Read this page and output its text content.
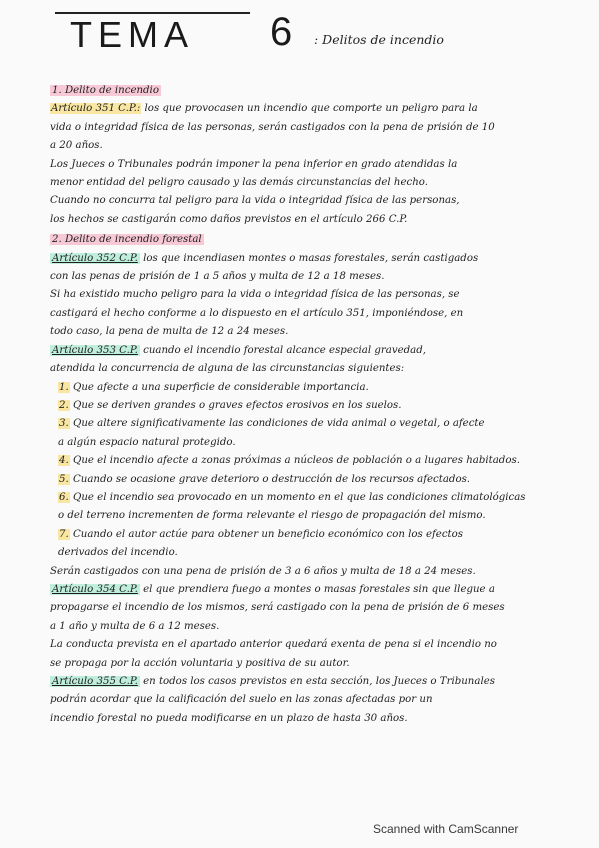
TEMA 6 : Delitos de incendio
1. Delito de incendio
Artículo 351 C.P.: los que provocasen un incendio que comporte un peligro para la
vida o integridad física de las personas, serán castigados con la pena de prisión de 10
a 20 años.
Los Jueces o Tribunales podrán imponer la pena inferior en grado atendidas la
menor entidad del peligro causado y las demás circunstancias del hecho.
Cuando no concurra tal peligro para la vida o integridad física de las personas,
los hechos se castigarán como daños previstos en el artículo 266 C.P.
2. Delito de incendio forestal
Artículo 352 C.P. los que incendiasen montes o masas forestales, serán castigados
con las penas de prisión de 1 a 5 años y multa de 12 a 18 meses.
Si ha existido mucho peligro para la vida o integridad física de las personas, se
castigará el hecho conforme a lo dispuesto en el artículo 351, imponiéndose, en
todo caso, la pena de multa de 12 a 24 meses.
Artículo 353 C.P. cuando el incendio forestal alcance especial gravedad,
atendida la concurrencia de alguna de las circunstancias siguientes:
1. Que afecte a una superficie de considerable importancia.
2. Que se deriven grandes o graves efectos erosivos en los suelos.
3. Que altere significativamente las condiciones de vida animal o vegetal, o afecte
a algún espacio natural protegido.
4. Que el incendio afecte a zonas próximas a núcleos de población o a lugares habitados.
5. Cuando se ocasione grave deterioro o destrucción de los recursos afectados.
6. Que el incendio sea provocado en un momento en el que las condiciones climatológicas
o del terreno incrementen de forma relevante el riesgo de propagación del mismo.
7. Cuando el autor actúe para obtener un beneficio económico con los efectos
derivados del incendio.
Serán castigados con una pena de prisión de 3 a 6 años y multa de 18 a 24 meses.
Artículo 354 C.P. el que prendiera fuego a montes o masas forestales sin que llegue a
propagarse el incendio de los mismos, será castigado con la pena de prisión de 6 meses
a 1 año y multa de 6 a 12 meses.
La conducta prevista en el apartado anterior quedará exenta de pena si el incendio no
se propaga por la acción voluntaria y positiva de su autor.
Artículo 355 C.P. en todos los casos previstos en esta sección, los Jueces o Tribunales
podrán acordar que la calificación del suelo en las zonas afectadas por un
incendio forestal no pueda modificarse en un plazo de hasta 30 años.
Scanned with CamScanner
